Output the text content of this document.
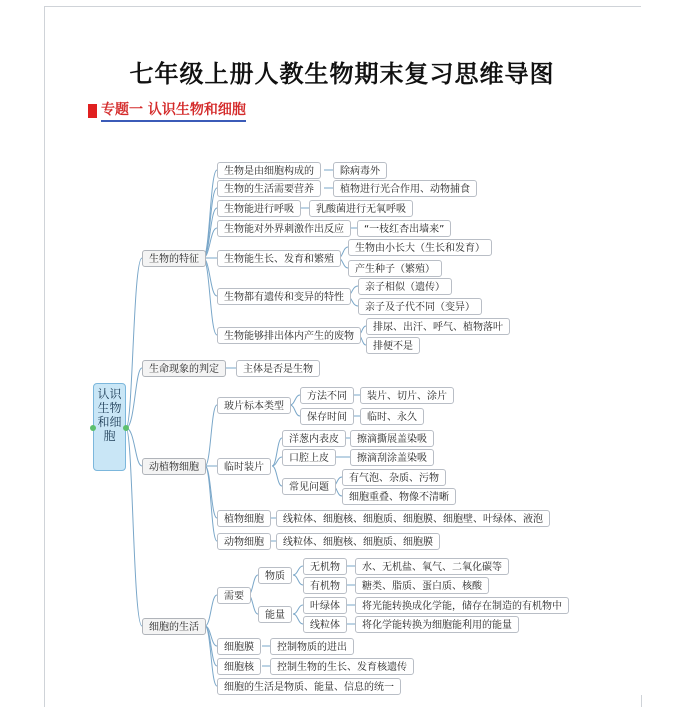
七年级上册人教生物期末复习思维导图
专题一 认识生物和细胞
认识生物和细胞
生物的特征
生物是由细胞构成的	除病毒外
生物的生活需要营养	植物进行光合作用、动物捕食
生物能进行呼吸	乳酸菌进行无氧呼吸
生物能对外界刺激作出反应	“一枝红杏出墙来”
生物能生长、发育和繁殖
生物由小长大（生长和发育）
产生种子（繁殖）
生物都有遗传和变异的特性
亲子相似（遗传）
亲子及子代不同（变异）
生物能够排出体内产生的废物
排尿、出汗、呼气、植物落叶
排便不是
生命现象的判定	主体是否是生物
动植物细胞
玻片标本类型
方法不同	装片、切片、涂片
保存时间	临时、永久
临时装片
洋葱内表皮	擦滴撕展盖染吸
口腔上皮	擦滴刮涂盖染吸
常见问题
有气泡、杂质、污物
细胞重叠、物像不清晰
植物细胞	线粒体、细胞核、细胞质、细胞膜、细胞壁、叶绿体、液泡
动物细胞	线粒体、细胞核、细胞质、细胞膜
细胞的生活
需要
物质
无机物	水、无机盐、氧气、二氧化碳等
有机物	糖类、脂质、蛋白质、核酸
能量
叶绿体	将光能转换成化学能，储存在制造的有机物中
线粒体	将化学能转换为细胞能利用的能量
细胞膜	控制物质的进出
细胞核	控制生物的生长、发育核遗传
细胞的生活是物质、能量、信息的统一
